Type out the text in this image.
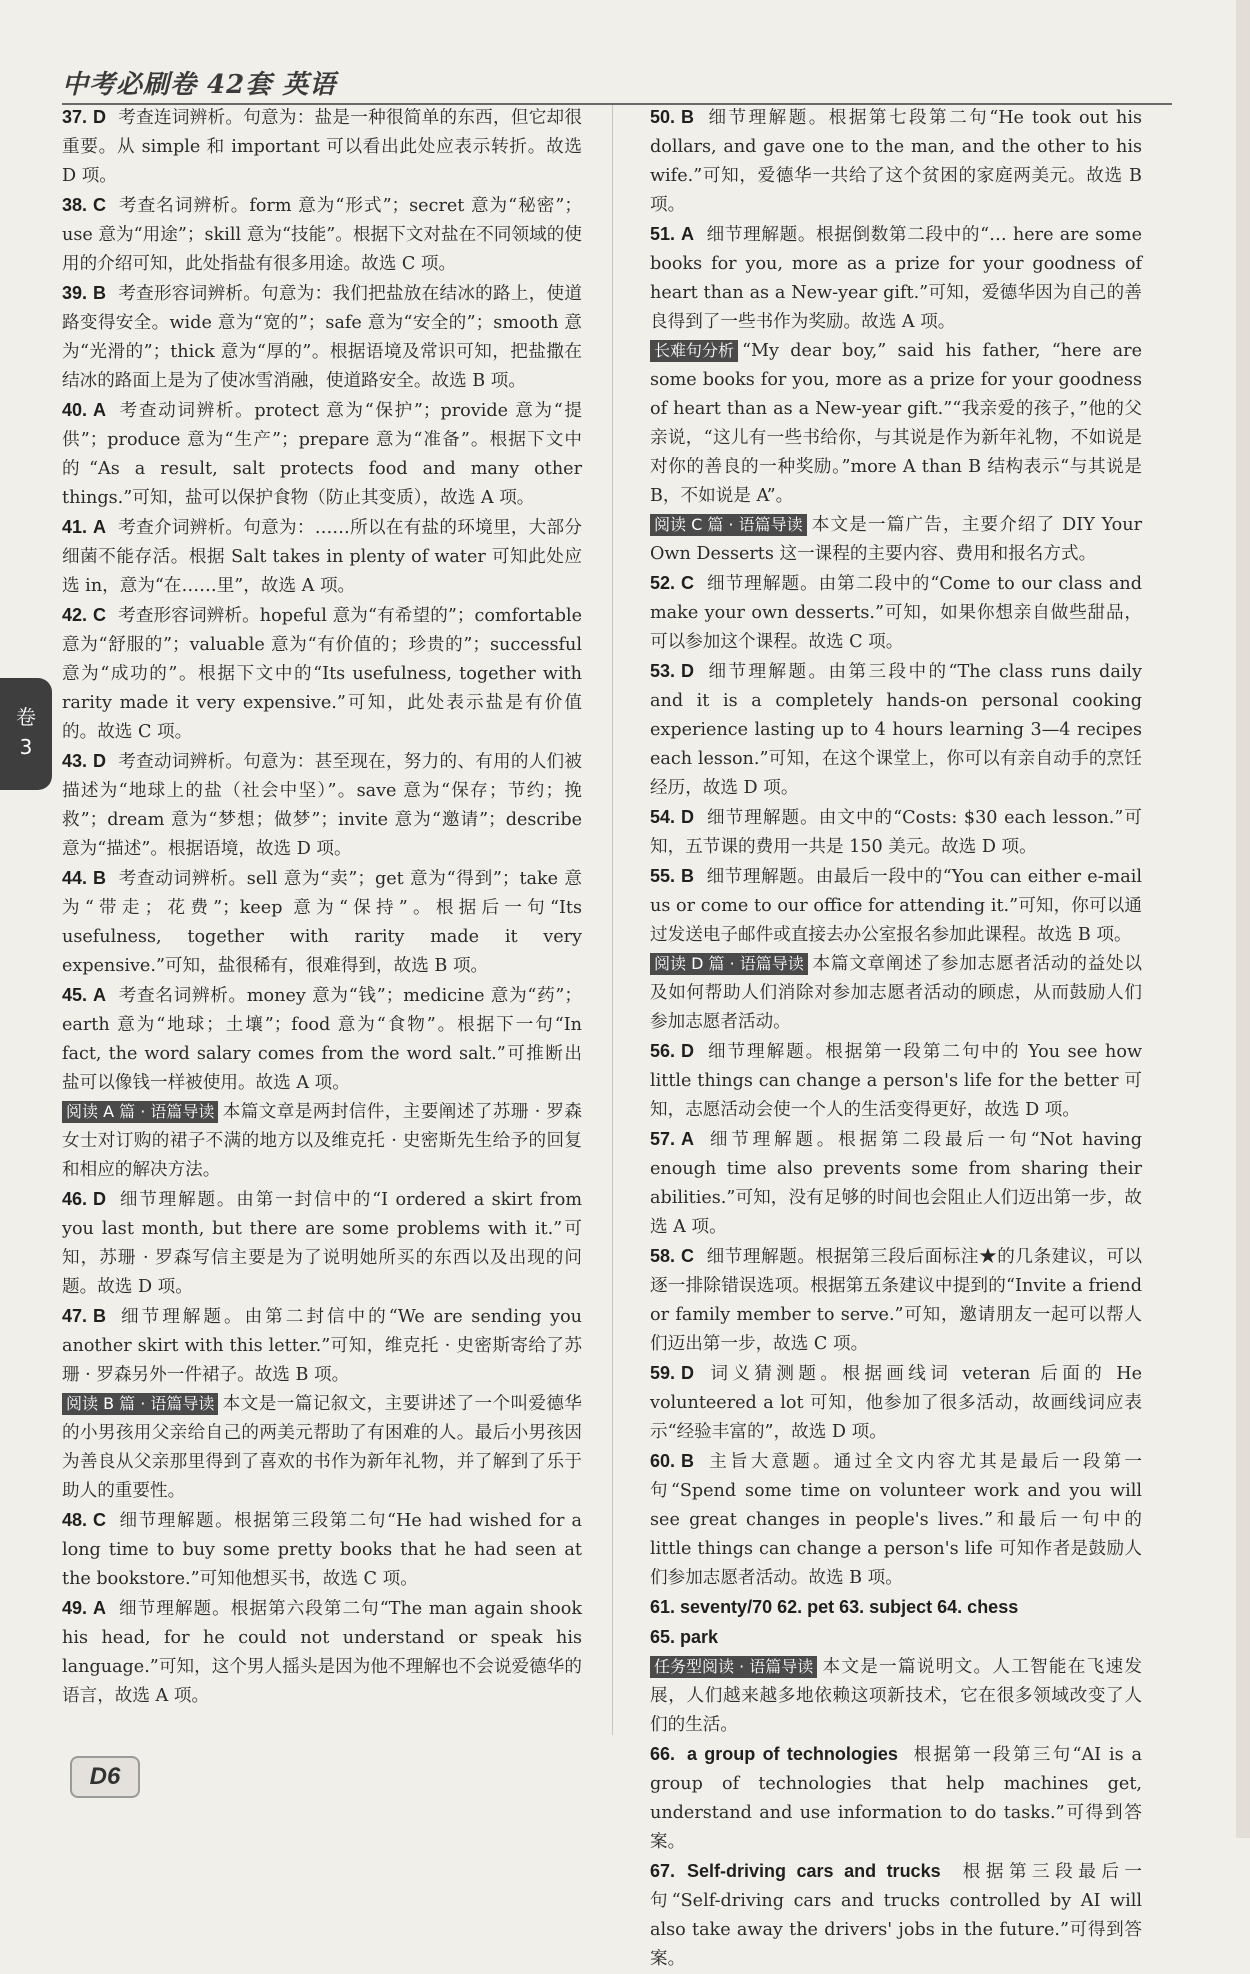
中考必刷卷 42套 英语
卷
3

37. D 考查连词辨析。句意为：盐是一种很简单的东西，但它却很重要。从 simple 和 important 可以看出此处应表示转折。故选 D 项。

38. C 考查名词辨析。form 意为“形式”；secret 意为“秘密”；use 意为“用途”；skill 意为“技能”。根据下文对盐在不同领域的使用的介绍可知，此处指盐有很多用途。故选 C 项。

39. B 考查形容词辨析。句意为：我们把盐放在结冰的路上，使道路变得安全。wide 意为“宽的”；safe 意为“安全的”；smooth 意为“光滑的”；thick 意为“厚的”。根据语境及常识可知，把盐撒在结冰的路面上是为了使冰雪消融，使道路安全。故选 B 项。

40. A 考查动词辨析。protect 意为“保护”；provide 意为“提供”；produce 意为“生产”；prepare 意为“准备”。根据下文中的“As a result, salt protects food and many other things.”可知，盐可以保护食物（防止其变质），故选 A 项。

41. A 考查介词辨析。句意为：……所以在有盐的环境里，大部分细菌不能存活。根据 Salt takes in plenty of water 可知此处应选 in，意为“在……里”，故选 A 项。

42. C 考查形容词辨析。hopeful 意为“有希望的”；comfortable 意为“舒服的”；valuable 意为“有价值的；珍贵的”；successful 意为“成功的”。根据下文中的“Its usefulness, together with rarity made it very expensive.”可知，此处表示盐是有价值的。故选 C 项。

43. D 考查动词辨析。句意为：甚至现在，努力的、有用的人们被描述为“地球上的盐（社会中坚）”。save 意为“保存；节约；挽救”；dream 意为“梦想；做梦”；invite 意为“邀请”；describe 意为“描述”。根据语境，故选 D 项。

44. B 考查动词辨析。sell 意为“卖”；get 意为“得到”；take 意为“带走；花费”；keep 意为“保持”。根据后一句“Its usefulness, together with rarity made it very expensive.”可知，盐很稀有，很难得到，故选 B 项。

45. A 考查名词辨析。money 意为“钱”；medicine 意为“药”；earth 意为“地球；土壤”；food 意为“食物”。根据下一句“In fact, the word salary comes from the word salt.”可推断出盐可以像钱一样被使用。故选 A 项。

阅读 A 篇 · 语篇导读 本篇文章是两封信件，主要阐述了苏珊 · 罗森女士对订购的裙子不满的地方以及维克托 · 史密斯先生给予的回复和相应的解决方法。

46. D 细节理解题。由第一封信中的“I ordered a skirt from you last month, but there are some problems with it.”可知，苏珊 · 罗森写信主要是为了说明她所买的东西以及出现的问题。故选 D 项。

47. B 细节理解题。由第二封信中的“We are sending you another skirt with this letter.”可知，维克托 · 史密斯寄给了苏珊 · 罗森另外一件裙子。故选 B 项。

阅读 B 篇 · 语篇导读 本文是一篇记叙文，主要讲述了一个叫爱德华的小男孩用父亲给自己的两美元帮助了有困难的人。最后小男孩因为善良从父亲那里得到了喜欢的书作为新年礼物，并了解到了乐于助人的重要性。

48. C 细节理解题。根据第三段第二句“He had wished for a long time to buy some pretty books that he had seen at the bookstore.”可知他想买书，故选 C 项。

49. A 细节理解题。根据第六段第二句“The man again shook his head, for he could not understand or speak his language.”可知，这个男人摇头是因为他不理解也不会说爱德华的语言，故选 A 项。

50. B 细节理解题。根据第七段第二句“He took out his dollars, and gave one to the man, and the other to his wife.”可知，爱德华一共给了这个贫困的家庭两美元。故选 B 项。

51. A 细节理解题。根据倒数第二段中的“… here are some books for you, more as a prize for your goodness of heart than as a New-year gift.”可知，爱德华因为自己的善良得到了一些书作为奖励。故选 A 项。

长难句分析 “My dear boy,” said his father, “here are some books for you, more as a prize for your goodness of heart than as a New-year gift.”“我亲爱的孩子，”他的父亲说，“这儿有一些书给你，与其说是作为新年礼物，不如说是对你的善良的一种奖励。”more A than B 结构表示“与其说是 B，不如说是 A”。

阅读 C 篇 · 语篇导读 本文是一篇广告，主要介绍了 DIY Your Own Desserts 这一课程的主要内容、费用和报名方式。

52. C 细节理解题。由第二段中的“Come to our class and make your own desserts.”可知，如果你想亲自做些甜品，可以参加这个课程。故选 C 项。

53. D 细节理解题。由第三段中的“The class runs daily and it is a completely hands-on personal cooking experience lasting up to 4 hours learning 3—4 recipes each lesson.”可知，在这个课堂上，你可以有亲自动手的烹饪经历，故选 D 项。

54. D 细节理解题。由文中的“Costs: $30 each lesson.”可知，五节课的费用一共是 150 美元。故选 D 项。

55. B 细节理解题。由最后一段中的“You can either e-mail us or come to our office for attending it.”可知，你可以通过发送电子邮件或直接去办公室报名参加此课程。故选 B 项。

阅读 D 篇 · 语篇导读 本篇文章阐述了参加志愿者活动的益处以及如何帮助人们消除对参加志愿者活动的顾虑，从而鼓励人们参加志愿者活动。

56. D 细节理解题。根据第一段第二句中的 You see how little things can change a person's life for the better 可知，志愿活动会使一个人的生活变得更好，故选 D 项。

57. A 细节理解题。根据第二段最后一句“Not having enough time also prevents some from sharing their abilities.”可知，没有足够的时间也会阻止人们迈出第一步，故选 A 项。

58. C 细节理解题。根据第三段后面标注★的几条建议，可以逐一排除错误选项。根据第五条建议中提到的“Invite a friend or family member to serve.”可知，邀请朋友一起可以帮人们迈出第一步，故选 C 项。

59. D 词义猜测题。根据画线词 veteran 后面的 He volunteered a lot 可知，他参加了很多活动，故画线词应表示“经验丰富的”，故选 D 项。

60. B 主旨大意题。通过全文内容尤其是最后一段第一句“Spend some time on volunteer work and you will see great changes in people's lives.”和最后一句中的 little things can change a person's life 可知作者是鼓励人们参加志愿者活动。故选 B 项。

61. seventy/70 62. pet 63. subject 64. chess

65. park

任务型阅读 · 语篇导读 本文是一篇说明文。人工智能在飞速发展，人们越来越多地依赖这项新技术，它在很多领域改变了人们的生活。

66. a group of technologies 根据第一段第三句“AI is a group of technologies that help machines get, understand and use information to do tasks.”可得到答案。

67. Self-driving cars and trucks 根据第三段最后一句“Self-driving cars and trucks controlled by AI will also take away the drivers' jobs in the future.”可得到答案。

D6
